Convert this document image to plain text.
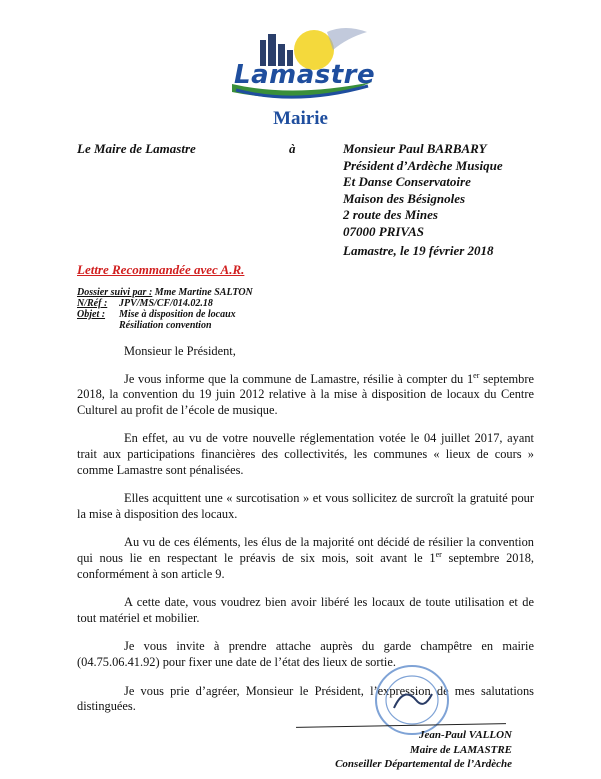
Lamastre
Mairie
Le Maire de Lamastre	à	Monsieur Paul BARBARY
Président d’Ardèche Musique
Et Danse Conservatoire
Maison des Bésignoles
2 route des Mines
07000 PRIVAS
Lamastre, le 19 février 2018
Lettre Recommandée avec A.R.
Dossier suivi par : Mme Martine SALTON
N/Réf : JPV/MS/CF/014.02.18
Objet : Mise à disposition de locaux
Résiliation convention

Monsieur le Président,

Je vous informe que la commune de Lamastre, résilie à compter du 1er septembre 2018, la convention du 19 juin 2012 relative à la mise à disposition de locaux du Centre Culturel au profit de l’école de musique.

En effet, au vu de votre nouvelle réglementation votée le 04 juillet 2017, ayant trait aux participations financières des collectivités, les communes « lieux de cours » comme Lamastre sont pénalisées.

Elles acquittent une « surcotisation » et vous sollicitez de surcroît la gratuité pour la mise à disposition des locaux.

Au vu de ces éléments, les élus de la majorité ont décidé de résilier la convention qui nous lie en respectant le préavis de six mois, soit avant le 1er septembre 2018, conformément à son article 9.

A cette date, vous voudrez bien avoir libéré les locaux de toute utilisation et de tout matériel et mobilier.

Je vous invite à prendre attache auprès du garde champêtre en mairie (04.75.06.41.92) pour fixer une date de l’état des lieux de sortie.

Je vous prie d’agréer, Monsieur le Président, l’expression de mes salutations distinguées.

Jean-Paul VALLON
Maire de LAMASTRE
Conseiller Départemental de l’Ardèche
